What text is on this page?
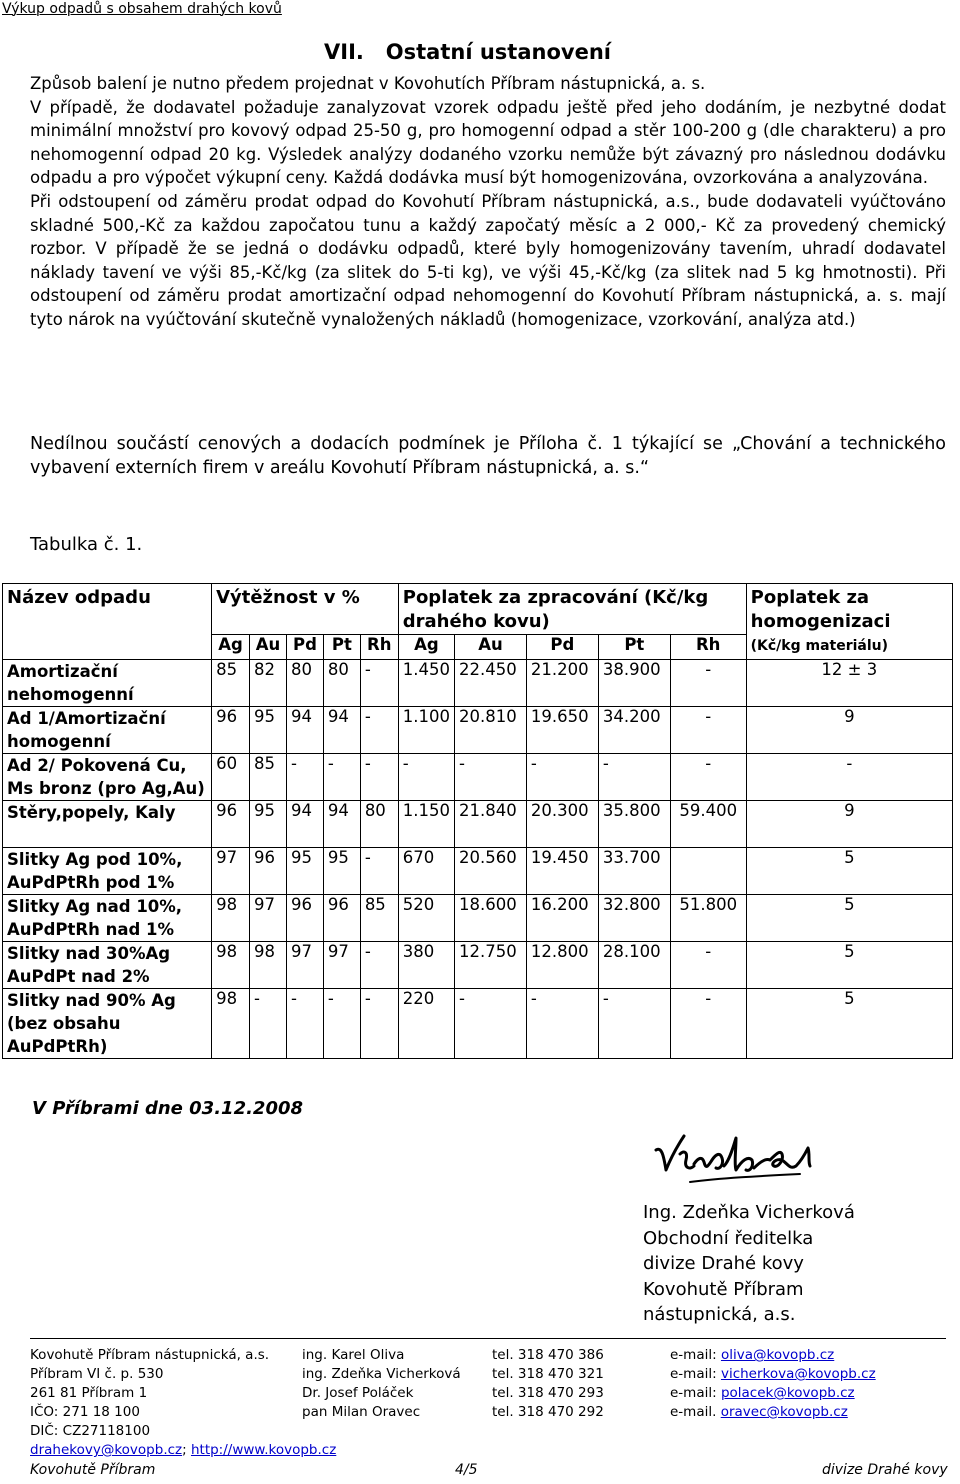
Výkup odpadů s obsahem drahých kovů
VII.   Ostatní ustanovení

Způsob balení je nutno předem projednat v Kovohutích Příbram nástupnická, a. s.

V případě, že dodavatel požaduje zanalyzovat vzorek odpadu ještě před jeho dodáním, je nezbytné dodat minimální množství pro kovový odpad 25-50 g, pro homogenní odpad a stěr 100-200 g (dle charakteru) a pro nehomogenní odpad 20 kg. Výsledek analýzy dodaného vzorku nemůže být závazný pro následnou dodávku odpadu a pro výpočet výkupní ceny. Každá dodávka musí být homogenizována, ovzorkována a analyzována.

Při odstoupení od záměru prodat odpad do Kovohutí Příbram nástupnická, a.s., bude dodavateli vyúčtováno skladné 500,-Kč za každou započatou tunu a každý započatý měsíc a 2 000,- Kč za provedený chemický rozbor. V případě že se jedná o dodávku odpadů, které byly homogenizovány tavením, uhradí dodavatel náklady tavení ve výši 85,-Kč/kg (za slitek do 5-ti kg), ve výši 45,-Kč/kg (za slitek nad 5 kg hmotnosti). Při odstoupení od záměru prodat amortizační odpad nehomogenní do Kovohutí Příbram nástupnická, a. s. mají tyto nárok na vyúčtování skutečně vynaložených nákladů (homogenizace, vzorkování, analýza atd.)

Nedílnou součástí cenových a dodacích podmínek je Příloha č. 1 týkající se „Chování a technického vybavení externích firem v areálu Kovohutí Příbram nástupnická, a. s.“
Tabulka č. 1.
Název odpadu	Výtěžnost v %					Poplatek za zpracování (Kč/kg drahého kovu)					Poplatek za homogenizaci
(Kč/kg materiálu)

	Ag	Au	Pd	Pt	Rh	Ag	Au	Pd	Pt	Rh	
Amortizační nehomogenní	85	82	80	80	-	1.450	22.450	21.200	38.900	-	12 ± 3
Ad 1/Amortizační homogenní	96	95	94	94	-	1.100	20.810	19.650	34.200	-	9
Ad 2/ Pokovená Cu, Ms bronz (pro Ag,Au)	60	85	-	-	-	-	-	-	-	-	-
Stěry,popely, Kaly	96	95	94	94	80	1.150	21.840	20.300	35.800	59.400	9
Slitky Ag pod 10%, AuPdPtRh pod 1%	97	96	95	95	-	670	20.560	19.450	33.700		5
Slitky Ag nad 10%, AuPdPtRh nad 1%	98	97	96	96	85	520	18.600	16.200	32.800	51.800	5
Slitky nad 30%Ag AuPdPt nad 2%	98	98	97	97	-	380	12.750	12.800	28.100	-	5
Slitky nad 90% Ag (bez obsahu AuPdPtRh)	98	-	-	-	-	220	-	-	-	-	5
V Příbrami dne 03.12.2008
Ing. Zdeňka Vicherková
Obchodní ředitelka
divize Drahé kovy
Kovohutě Příbram
nástupnická, a.s.
Kovohutě Příbram nástupnická, a.s.
Příbram VI č. p. 530
261 81 Příbram 1
IČO: 271 18 100
DIČ: CZ27118100
drahekovy@kovopb.cz; http://www.kovopb.cz
ing. Karel Oliva
ing. Zdeňka Vicherková
Dr. Josef Poláček
pan Milan Oravec
tel. 318 470 386
tel. 318 470 321
tel. 318 470 293
tel. 318 470 292
e-mail: oliva@kovopb.cz
e-mail: vicherkova@kovopb.cz
e-mail: polacek@kovopb.cz
e-mail. oravec@kovopb.cz
Kovohutě Příbram	4/5	divize Drahé kovy
